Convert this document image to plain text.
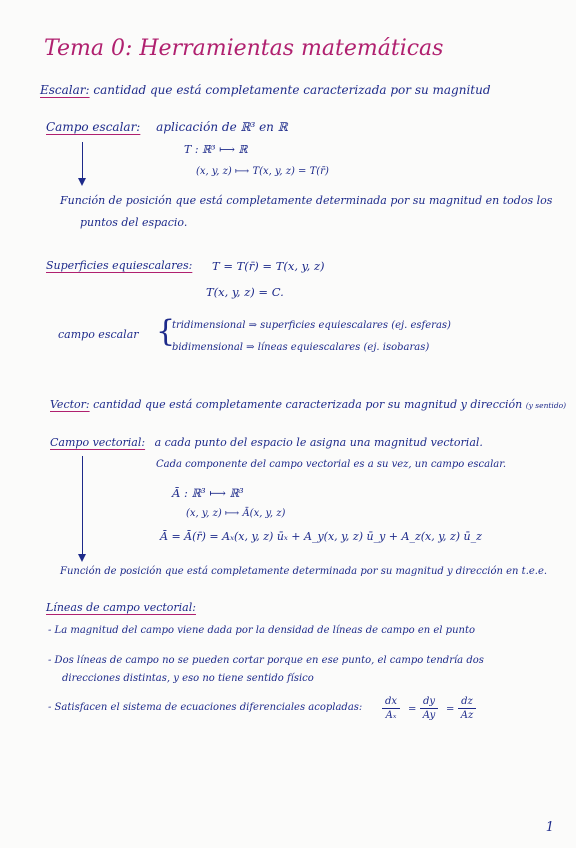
Tema 0: Herramientas matemáticas
Escalar: cantidad que está completamente caracterizada por su magnitud
Campo escalar: aplicación de ℝ³ en ℝ
T : ℝ³ ⟼ ℝ
(x, y, z) ⟼ T(x, y, z) = T(r̄)
Función de posición que está completamente determinada por su magnitud en todos los
puntos del espacio.
Superficies equiescalares: T = T(r̄) = T(x, y, z)
T(x, y, z) = C.
campo escalar {
tridimensional ⇒ superficies equiescalares (ej. esferas)
bidimensional ⇒ líneas equiescalares (ej. isobaras)
Vector: cantidad que está completamente caracterizada por su magnitud y dirección (y sentido)
Campo vectorial: a cada punto del espacio le asigna una magnitud vectorial.
Cada componente del campo vectorial es a su vez, un campo escalar.
Ā : ℝ³ ⟼ ℝ³
(x, y, z) ⟼ Ā(x, y, z)
Ā = Ā(r̄) = Aₓ(x, y, z) ūₓ + A_y(x, y, z) ū_y + A_z(x, y, z) ū_z
Función de posición que está completamente determinada por su magnitud y dirección en t.e.e.
Líneas de campo vectorial:
- La magnitud del campo viene dada por la densidad de líneas de campo en el punto
- Dos líneas de campo no se pueden cortar porque en ese punto, el campo tendría dos
direcciones distintas, y eso no tiene sentido físico
- Satisfacen el sistema de ecuaciones diferenciales acopladas:
dx
Aₓ
=
dy
Ay
=
dz
Az
1
